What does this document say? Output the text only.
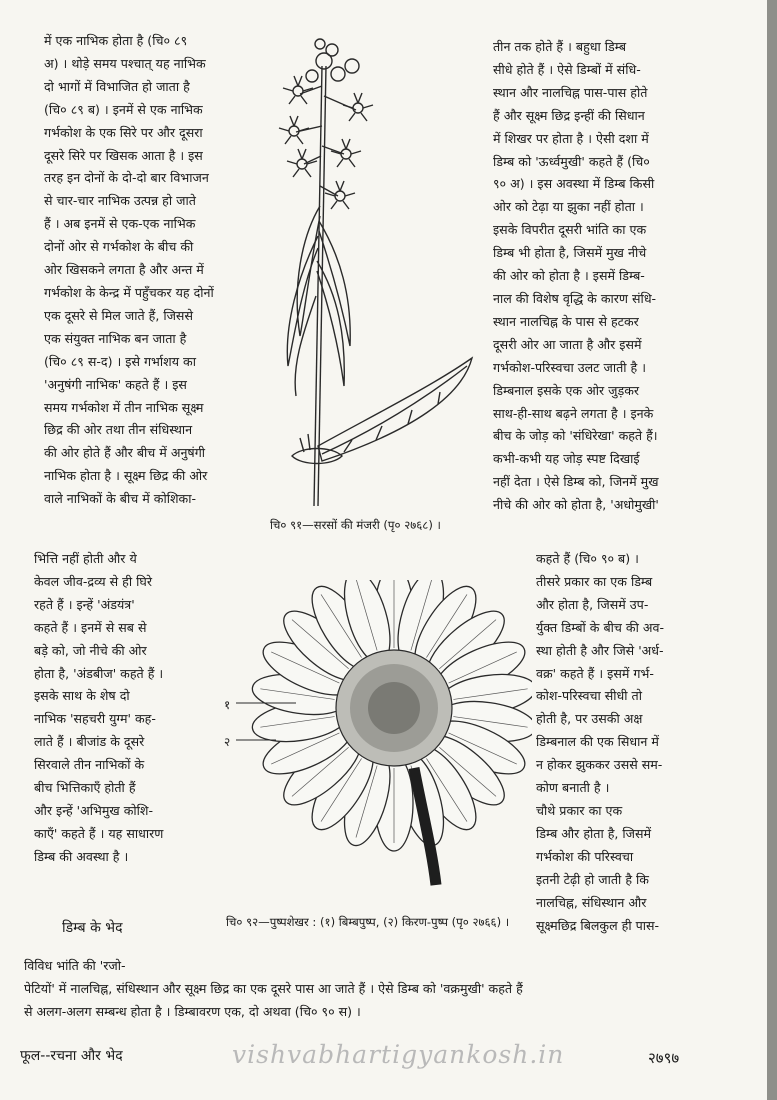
में एक नाभिक होता है (चि० ८९
अ) । थोड़े समय पश्चात् यह नाभिक
दो भागों में विभाजित हो जाता है
(चि० ८९ ब) । इनमें से एक नाभिक
गर्भकोश के एक सिरे पर और दूसरा
दूसरे सिरे पर खिसक आता है । इस
तरह इन दोनों के दो-दो बार विभाजन
से चार-चार नाभिक उत्पन्न हो जाते
हैं । अब इनमें से एक-एक नाभिक
दोनों ओर से गर्भकोश के बीच की
ओर खिसकने लगता है और अन्त में
गर्भकोश के केन्द्र में पहुँचकर यह दोनों
एक दूसरे से मिल जाते हैं, जिससे
एक संयुक्त नाभिक बन जाता है
(चि० ८९ स-द) । इसे गर्भाशय का
'अनुषंगी नाभिक' कहते हैं । इस
समय गर्भकोश में तीन नाभिक सूक्ष्म
छिद्र की ओर तथा तीन संधिस्थान
की ओर होते हैं और बीच में अनुषंगी
नाभिक होता है । सूक्ष्म छिद्र की ओर
वाले नाभिकों के बीच में कोशिका-
चि० ९१—सरसों की मंजरी (पृ० २७६८) ।
तीन तक होते हैं । बहुधा डिम्ब
सीधे होते हैं । ऐसे डिम्बों में संधि-
स्थान और नालचिह्न पास-पास होते
हैं और सूक्ष्म छिद्र इन्हीं की सिधान
में शिखर पर होता है । ऐसी दशा में
डिम्ब को 'ऊर्ध्वमुखी' कहते हैं (चि०
९० अ) । इस अवस्था में डिम्ब किसी
ओर को टेढ़ा या झुका नहीं होता ।
इसके विपरीत दूसरी भांति का एक
डिम्ब भी होता है, जिसमें मुख नीचे
की ओर को होता है । इसमें डिम्ब-
नाल की विशेष वृद्धि के कारण संधि-
स्थान नालचिह्न के पास से हटकर
दूसरी ओर आ जाता है और इसमें
गर्भकोश-परिस्वचा उलट जाती है ।
डिम्बनाल इसके एक ओर जुड़कर
साथ-ही-साथ बढ़ने लगता है । इनके
बीच के जोड़ को 'संधिरेखा' कहते हैं।
कभी-कभी यह जोड़ स्पष्ट दिखाई
नहीं देता । ऐसे डिम्ब को, जिनमें मुख
नीचे की ओर को होता है, 'अधोमुखी'
भित्ति नहीं होती और ये
केवल जीव-द्रव्य से ही घिरे
रहते हैं । इन्हें 'अंडयंत्र'
कहते हैं । इनमें से सब से
बड़े को, जो नीचे की ओर
होता है, 'अंडबीज' कहते हैं ।
इसके साथ के शेष दो
नाभिक 'सहचरी युग्म' कह-
लाते हैं । बीजांड के दूसरे
सिरवाले तीन नाभिकों के
बीच भित्तिकाएँ होती हैं
और इन्हें 'अभिमुख कोशि-
काएँ' कहते हैं । यह साधारण
डिम्ब की अवस्था है ।
१
२
कहते हैं (चि० ९० ब) ।
तीसरे प्रकार का एक डिम्ब
और होता है, जिसमें उप-
र्युक्त डिम्बों के बीच की अव-
स्था होती है और जिसे 'अर्ध-
वक्र' कहते हैं । इसमें गर्भ-
कोश-परिस्वचा सीधी तो
होती है, पर उसकी अक्ष
डिम्बनाल की एक सिधान में
न होकर झुककर उससे सम-
कोण बनाती है ।
चौथे प्रकार का एक
डिम्ब और होता है, जिसमें
गर्भकोश की परिस्वचा
इतनी टेढ़ी हो जाती है कि
नालचिह्न, संधिस्थान और
सूक्ष्मछिद्र बिलकुल ही पास-
चि० ९२—पुष्पशेखर : (१) बिम्बपुष्प, (२) किरण-पुष्प (पृ० २७६६) ।
डिम्ब के भेद
विविध भांति की 'रजो-
पेटियों' में नालचिह्न, संधिस्थान और सूक्ष्म छिद्र का एक दूसरे पास आ जाते हैं । ऐसे डिम्ब को 'वक्रमुखी' कहते हैं
से अलग-अलग सम्बन्ध होता है । डिम्बावरण एक, दो अथवा (चि० ९० स) ।
फूल--रचना और भेद	vishvabhartigyankosh.in	२७९७
